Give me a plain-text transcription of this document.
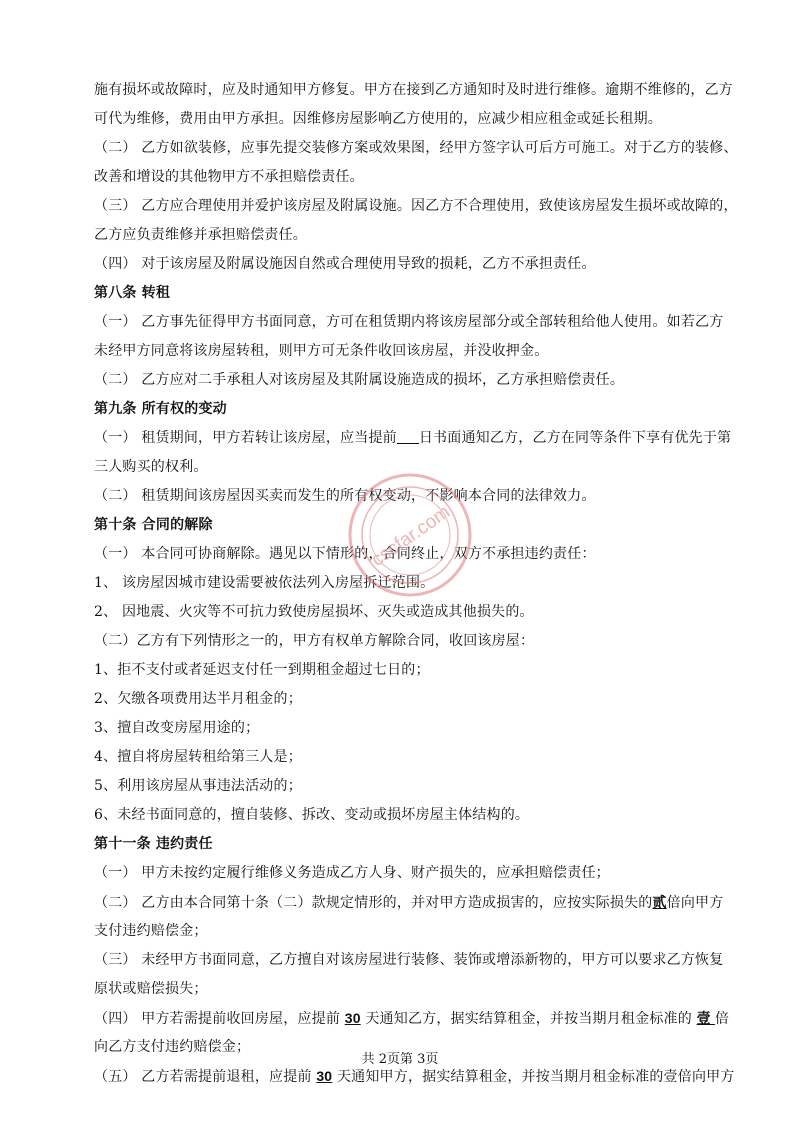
施有损坏或故障时，应及时通知甲方修复。甲方在接到乙方通知时及时进行维修。逾期不维修的，乙方
可代为维修，费用由甲方承担。因维修房屋影响乙方使用的，应减少相应租金或延长租期。
（二） 乙方如欲装修，应事先提交装修方案或效果图，经甲方签字认可后方可施工。对于乙方的装修、
改善和增设的其他物甲方不承担赔偿责任。
（三） 乙方应合理使用并爱护该房屋及附属设施。因乙方不合理使用，致使该房屋发生损坏或故障的，
乙方应负责维修并承担赔偿责任。
（四） 对于该房屋及附属设施因自然或合理使用导致的损耗，乙方不承担责任。
第八条 转租
（一） 乙方事先征得甲方书面同意，方可在租赁期内将该房屋部分或全部转租给他人使用。如若乙方
未经甲方同意将该房屋转租，则甲方可无条件收回该房屋，并没收押金。
（二） 乙方应对二手承租人对该房屋及其附属设施造成的损坏，乙方承担赔偿责任。
第九条 所有权的变动
（一） 租赁期间，甲方若转让该房屋，应当提前 日书面通知乙方，乙方在同等条件下享有优先于第
三人购买的权利。
（二） 租赁期间该房屋因买卖而发生的所有权变动，不影响本合同的法律效力。
第十条 合同的解除
（一） 本合同可协商解除。遇见以下情形的，合同终止，双方不承担违约责任：
1、 该房屋因城市建设需要被依法列入房屋拆迁范围。
2、 因地震、火灾等不可抗力致使房屋损坏、灭失或造成其他损失的。
（二）乙方有下列情形之一的，甲方有权单方解除合同，收回该房屋：
1、拒不支付或者延迟支付任一到期租金超过七日的；
2、欠缴各项费用达半月租金的；
3、擅自改变房屋用途的；
4、擅自将房屋转租给第三人是；
5、利用该房屋从事违法活动的；
6、未经书面同意的，擅自装修、拆改、变动或损坏房屋主体结构的。
第十一条 违约责任
（一） 甲方未按约定履行维修义务造成乙方人身、财产损失的，应承担赔偿责任；
（二） 乙方由本合同第十条（二）款规定情形的，并对甲方造成损害的，应按实际损失的贰倍向甲方
支付违约赔偿金；
（三） 未经甲方书面同意，乙方擅自对该房屋进行装修、装饰或增添新物的，甲方可以要求乙方恢复
原状或赔偿损失；
（四） 甲方若需提前收回房屋，应提前 30 天通知乙方，据实结算租金，并按当期月租金标准的 壹 倍
向乙方支付违约赔偿金；
（五） 乙方若需提前退租，应提前 30 天通知甲方，据实结算租金，并按当期月租金标准的壹倍向甲方
cscfar.com
共 2页第 3页
